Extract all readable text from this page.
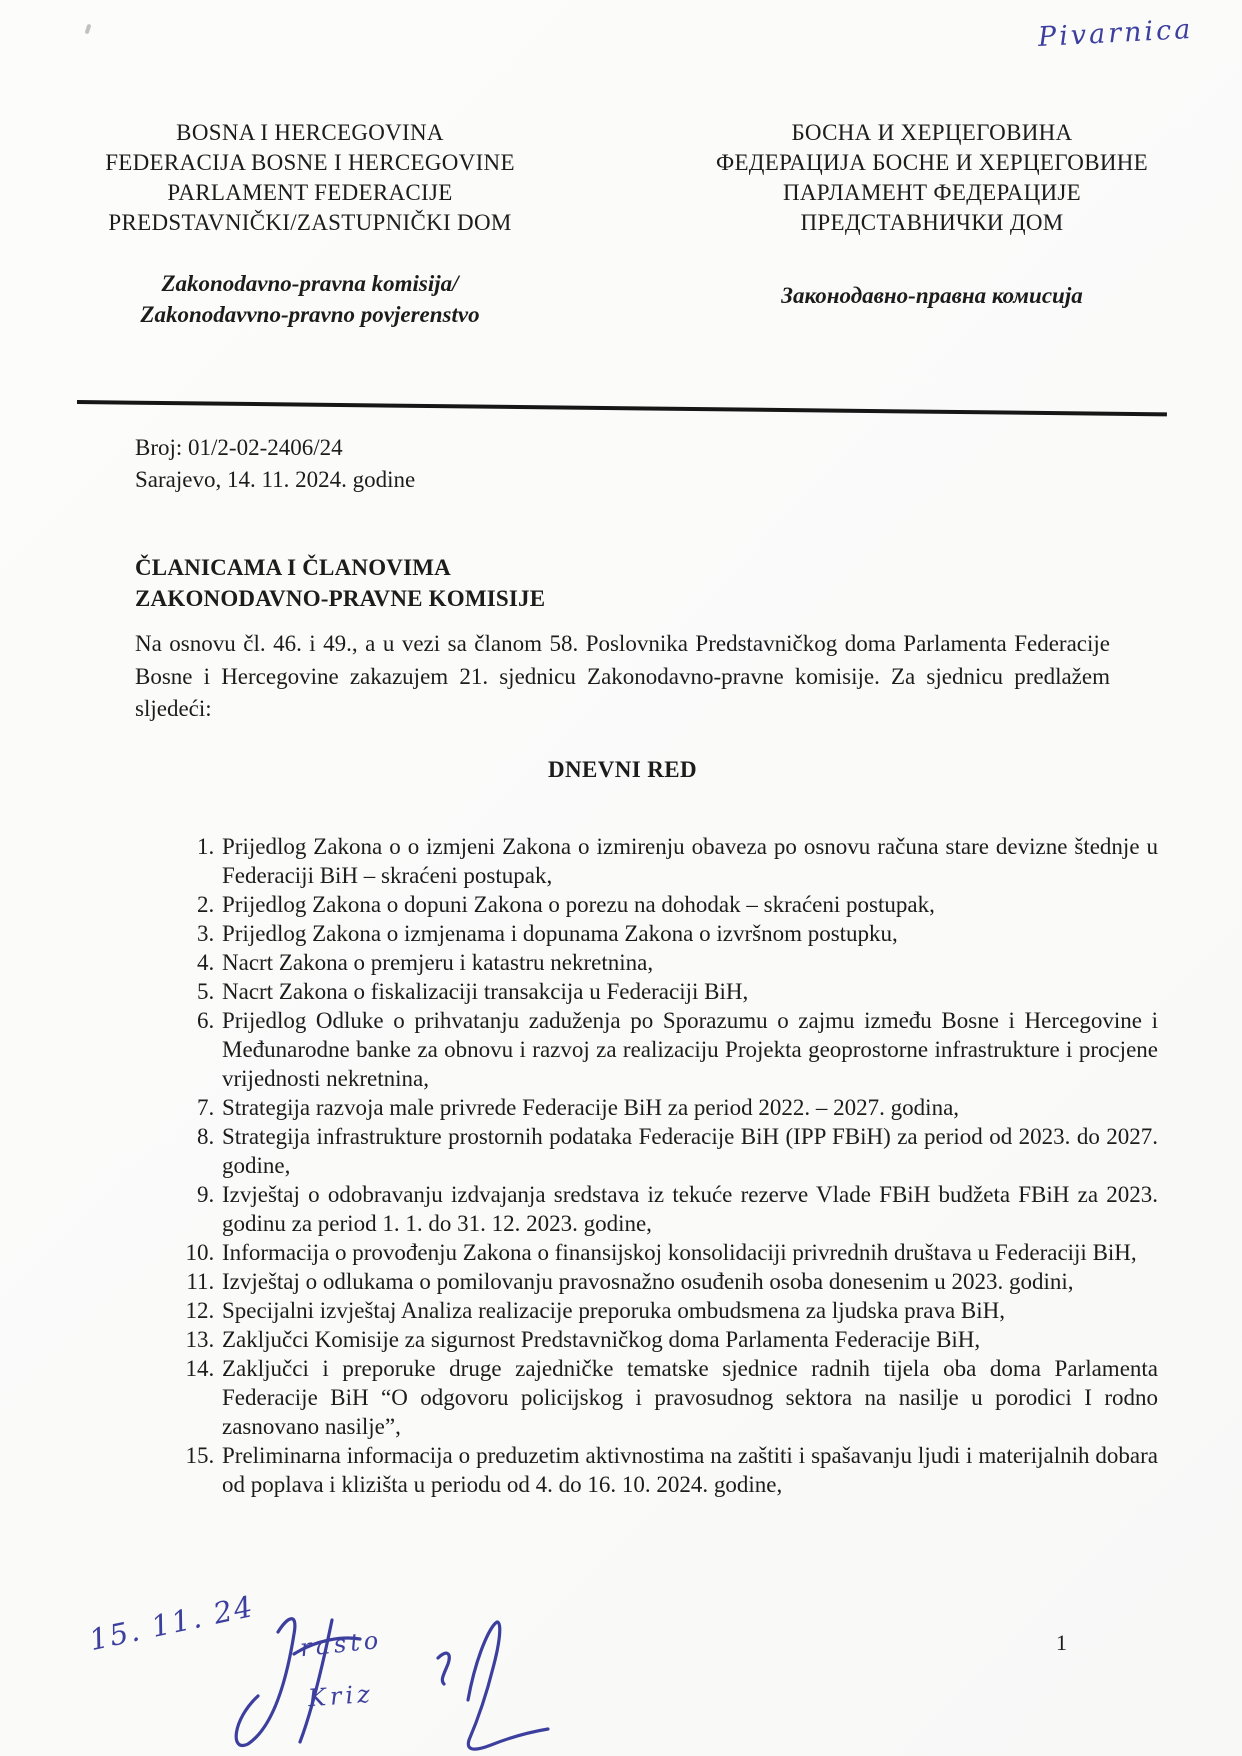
Pivarnica
BOSNA I HERCEGOVINA
FEDERACIJA BOSNE I HERCEGOVINE
PARLAMENT FEDERACIJE
PREDSTAVNIČKI/ZASTUPNIČKI DOM
БОСНА И ХЕРЦЕГОВИНА
ФЕДЕРАЦИЈА БОСНЕ И ХЕРЦЕГОВИНЕ
ПАРЛАМЕНТ ФЕДЕРАЦИЈЕ
ПРЕДСТАВНИЧКИ ДОМ
Zakonodavno-pravna komisija/
Zakonodavvno-pravno povjerenstvo
Законодавно-правна комисија
Broj: 01/2-02-2406/24
Sarajevo, 14. 11. 2024. godine
ČLANICAMA I ČLANOVIMA
ZAKONODAVNO-PRAVNE KOMISIJE
Na osnovu čl. 46. i 49., a u vezi sa članom 58. Poslovnika Predstavničkog doma Parlamenta Federacije Bosne i Hercegovine zakazujem 21. sjednicu Zakonodavno-pravne komisije. Za sjednicu predlažem sljedeći:
DNEVNI RED
1. Prijedlog Zakona o o izmjeni Zakona o izmirenju obaveza po osnovu računa stare devizne štednje u Federaciji BiH – skraćeni postupak,
2. Prijedlog Zakona o dopuni Zakona o porezu na dohodak – skraćeni postupak,
3. Prijedlog Zakona o izmjenama i dopunama Zakona o izvršnom postupku,
4. Nacrt Zakona o premjeru i katastru nekretnina,
5. Nacrt Zakona o fiskalizaciji transakcija u Federaciji BiH,
6. Prijedlog Odluke o prihvatanju zaduženja po Sporazumu o zajmu između Bosne i Hercegovine i Međunarodne banke za obnovu i razvoj za realizaciju Projekta geoprostorne infrastrukture i procjene vrijednosti nekretnina,
7. Strategija razvoja male privrede Federacije BiH za period 2022. – 2027. godina,
8. Strategija infrastrukture prostornih podataka Federacije BiH (IPP FBiH) za period od 2023. do 2027. godine,
9. Izvještaj o odobravanju izdvajanja sredstava iz tekuće rezerve Vlade FBiH budžeta FBiH za 2023. godinu za period 1. 1. do 31. 12. 2023. godine,
10. Informacija o provođenju Zakona o finansijskoj konsolidaciji privrednih društava u Federaciji BiH,
11. Izvještaj o odlukama o pomilovanju pravosnažno osuđenih osoba donesenim u 2023. godini,
12. Specijalni izvještaj Analiza realizacije preporuka ombudsmena za ljudska prava BiH,
13. Zaključci Komisije za sigurnost Predstavničkog doma Parlamenta Federacije BiH,
14. Zaključci i preporuke druge zajedničke tematske sjednice radnih tijela oba doma Parlamenta Federacije BiH “O odgovoru policijskog i pravosudnog sektora na nasilje u porodici I rodno zasnovano nasilje”,
15. Preliminarna informacija o preduzetim aktivnostima na zaštiti i spašavanju ljudi i materijalnih dobara od poplava i klizišta u periodu od 4. do 16. 10. 2024. godine,
15. 11. 24 rasto
Kriz
1
